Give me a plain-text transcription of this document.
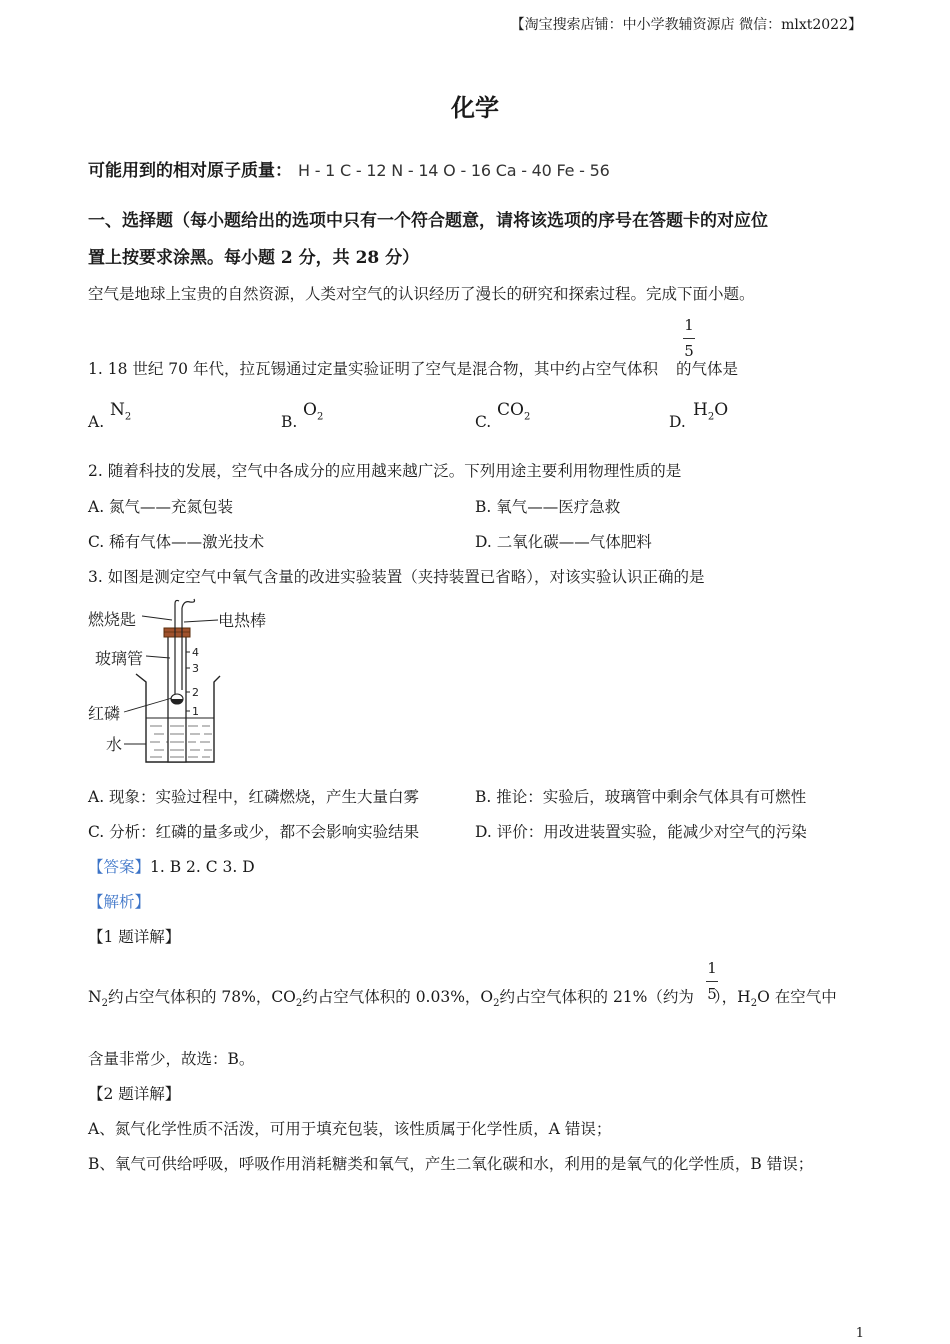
【淘宝搜索店铺：中小学教辅资源店 微信：mlxt2022】
化学
可能用到的相对原子质量： H - 1 C - 12 N - 14 O - 16 Ca - 40 Fe - 56
一、选择题（每小题给出的选项中只有一个符合题意，请将该选项的序号在答题卡的对应位
置上按要求涂黑。每小题 2 分，共 28 分）
空气是地球上宝贵的自然资源，人类对空气的认识经历了漫长的研究和探索过程。完成下面小题。
1
5
1. 18 世纪 70 年代，拉瓦锡通过定量实验证明了空气是混合物，其中约占空气体积 的气体是
A.
$N_2$	B.
$O_2$	C.
$CO_2$	D.
$H_2O$
2. 随着科技的发展，空气中各成分的应用越来越广泛。下列用途主要利用物理性质的是
A. 氮气——充氮包装	B. 氧气——医疗急救
C. 稀有气体——激光技术	D. 二氧化碳——气体肥料
3. 如图是测定空气中氧气含量的改进实验装置（夹持装置已省略），对该实验认识正确的是
4
3
2
1
燃烧匙	电热棒
玻璃管
红磷
水
A. 现象：实验过程中，红磷燃烧，产生大量白雾	B. 推论：实验后，玻璃管中剩余气体具有可燃性
C. 分析：红磷的量多或少，都不会影响实验结果	D. 评价：用改进装置实验，能减少对空气的污染
【答案】1. B 2. C 3. D
【解析】
【1 题详解】
1
5
$N_2$约占空气体积的 78%，$CO_2$约占空气体积的 0.03%，$O_2$约占空气体积的 21%（约为 ），$H_2O$ 在空气中
含量非常少，故选：B。
【2 题详解】
A、氮气化学性质不活泼，可用于填充包装，该性质属于化学性质，A 错误；
B、氧气可供给呼吸，呼吸作用消耗糖类和氧气，产生二氧化碳和水，利用的是氧气的化学性质，B 错误；
1
